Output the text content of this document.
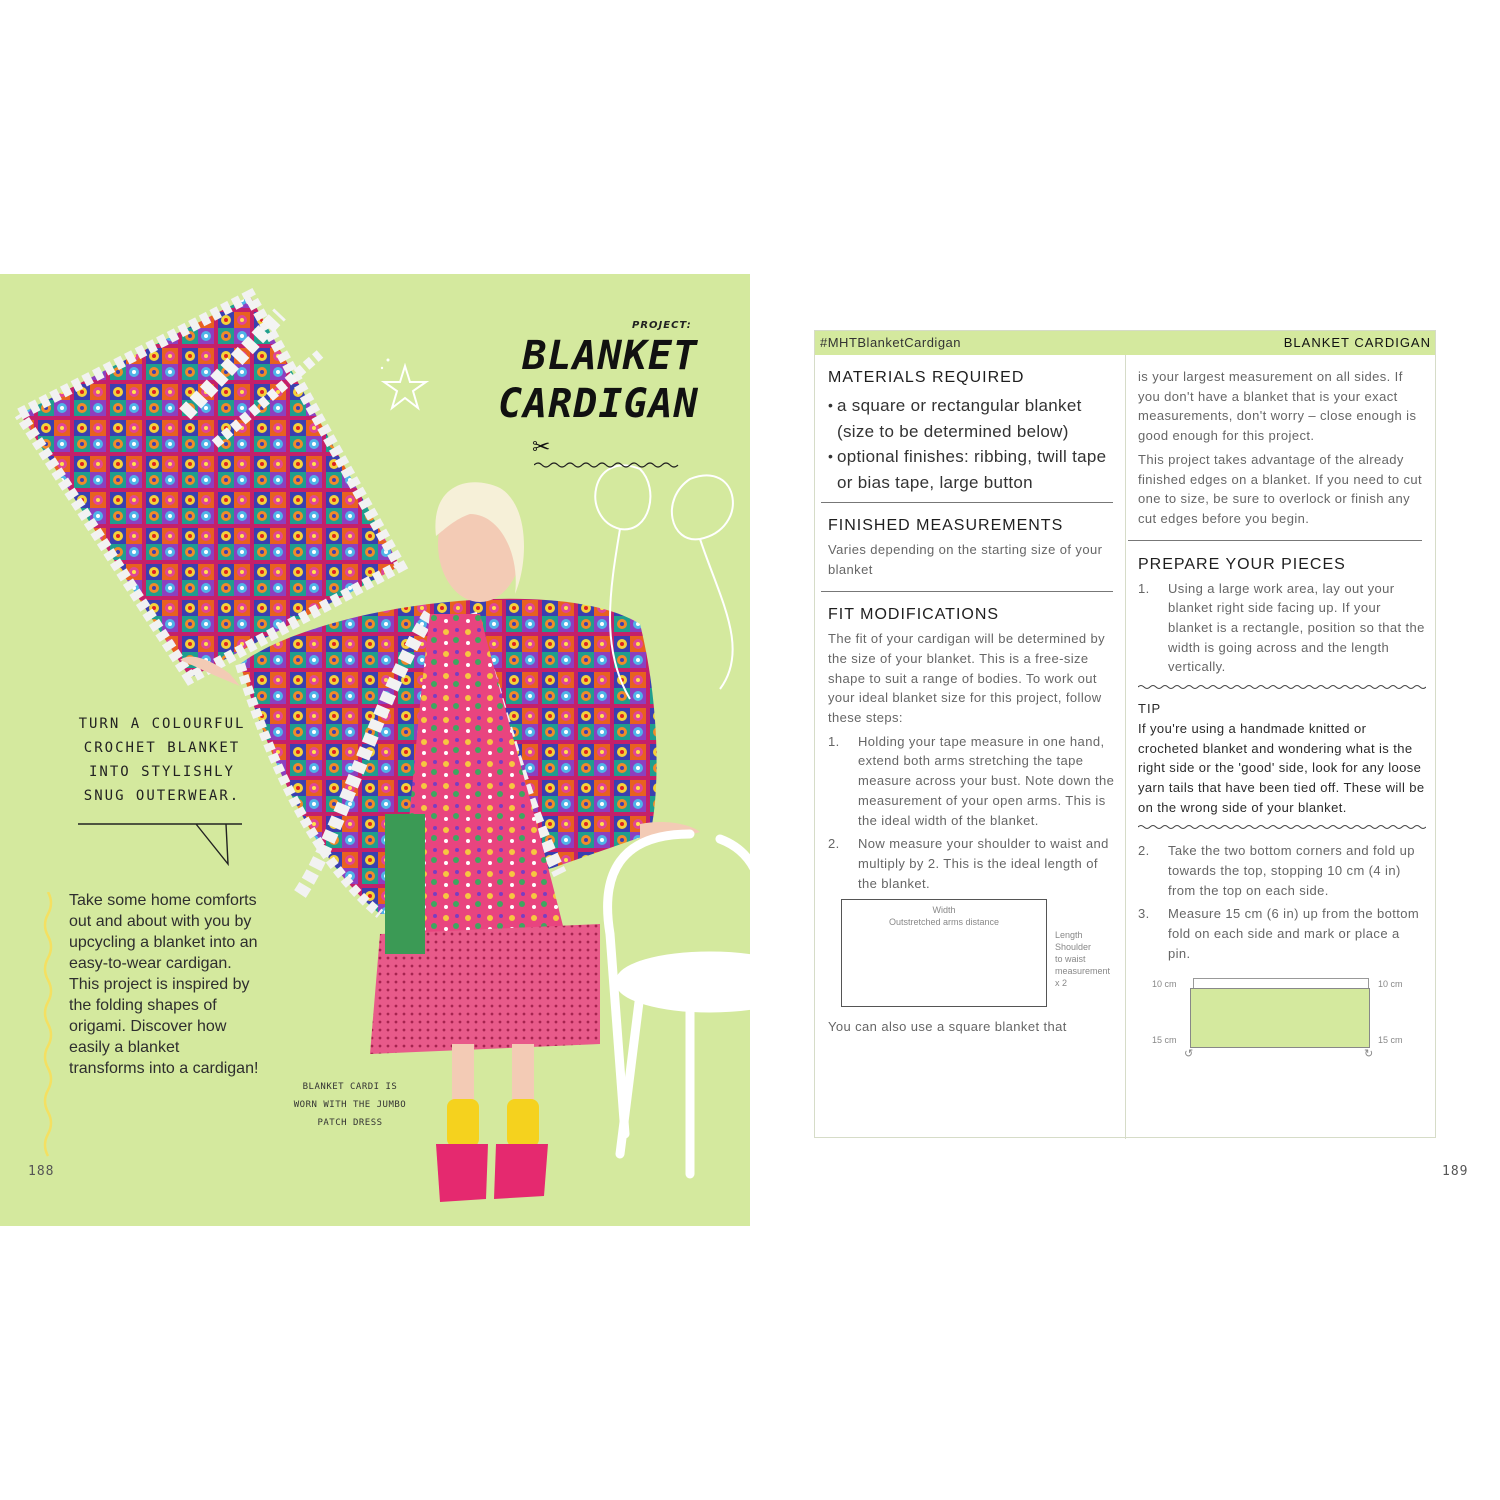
PROJECT:
BLANKET
CARDIGAN
✂
TURN A COLOURFUL CROCHET BLANKET INTO STYLISHLY SNUG OUTERWEAR.
Take some home comforts out and about with you by upcycling a blanket into an easy-to-wear cardigan. This project is inspired by the folding shapes of origami. Discover how easily a blanket transforms into a cardigan!
BLANKET CARDI IS WORN WITH THE JUMBO PATCH DRESS
188
#MHTBlanketCardigan	BLANKET CARDIGAN
MATERIALS REQUIRED
• a square or rectangular blanket (size to be determined below)
• optional finishes: ribbing, twill tape or bias tape, large button
FINISHED MEASUREMENTS
Varies depending on the starting size of your blanket
FIT MODIFICATIONS
The fit of your cardigan will be determined by the size of your blanket. This is a free-size shape to suit a range of bodies. To work out your ideal blanket size for this project, follow these steps:
1. Holding your tape measure in one hand, extend both arms stretching the tape measure across your bust. Note down the measurement of your open arms. This is the ideal width of the blanket.
2. Now measure your shoulder to waist and multiply by 2. This is the ideal length of the blanket.
Width
Outstretched arms distance
Length
Shoulder
to waist
measurement
x 2
You can also use a square blanket that
is your largest measurement on all sides. If you don't have a blanket that is your exact measurements, don't worry – close enough is good enough for this project.
This project takes advantage of the already finished edges on a blanket. If you need to cut one to size, be sure to overlock or finish any cut edges before you begin.
PREPARE YOUR PIECES
1. Using a large work area, lay out your blanket right side facing up. If your blanket is a rectangle, position so that the width is going across and the length vertically.
TIP
If you're using a handmade knitted or crocheted blanket and wondering what is the right side or the 'good' side, look for any loose yarn tails that have been tied off. These will be on the wrong side of your blanket.
2. Take the two bottom corners and fold up towards the top, stopping 10 cm (4 in) from the top on each side.
3. Measure 15 cm (6 in) up from the bottom fold on each side and mark or place a pin.
10 cm	10 cm
15 cm	15 cm
↺	↻
189
